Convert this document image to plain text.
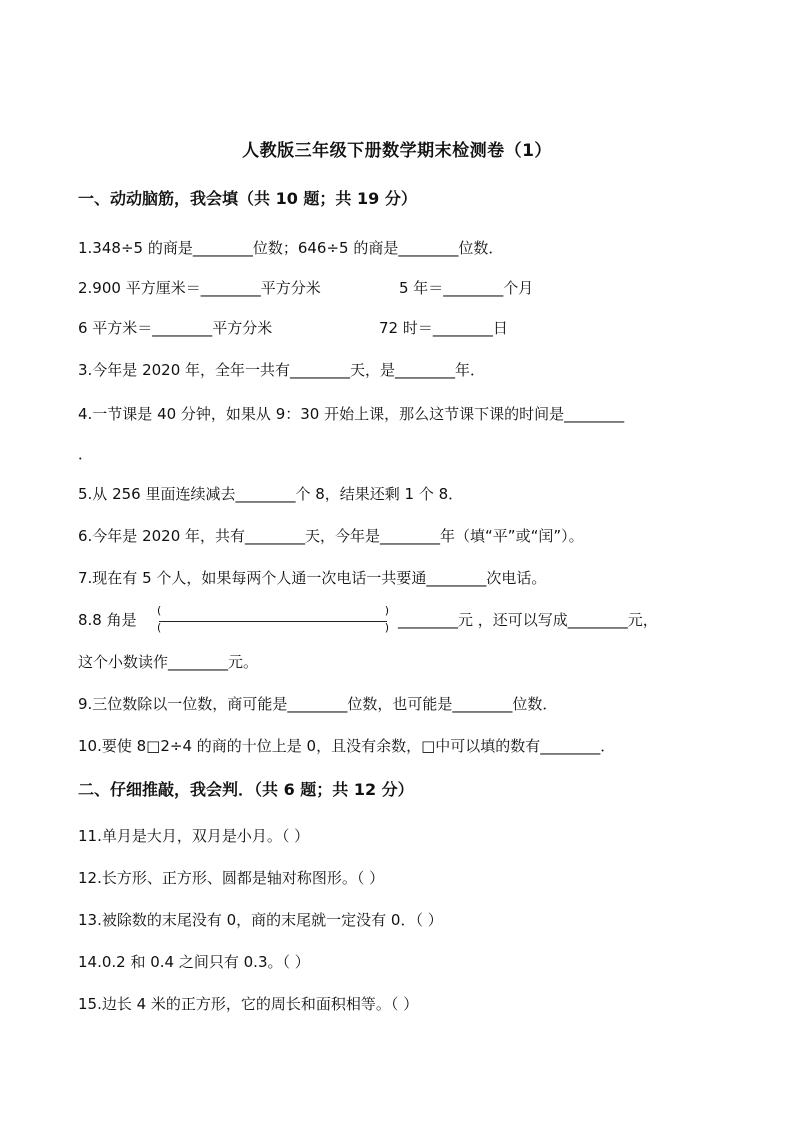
人教版三年级下册数学期末检测卷（1）
一、动动脑筋，我会填（共 10 题；共 19 分）
1.348÷5 的商是________位数；646÷5 的商是________位数．
2.900 平方厘米＝________平方分米	5 年＝________个月
6 平方米＝________平方分米	72 时＝________日
3.今年是 2020 年，全年一共有________天，是________年．
4.一节课是 40 分钟，如果从 9：30 开始上课，那么这节课下课的时间是________
．
5.从 256 里面连续减去________个 8，结果还剩 1 个 8．
6.今年是 2020 年，共有________天，今年是________年（填“平”或“闰”）。
7.现在有 5 个人，如果每两个人通一次电话一共要通________次电话。
8.8 角是
(	)
(	) ________元 ，还可以写成________元，
这个小数读作________元。
9.三位数除以一位数，商可能是________位数，也可能是________位数．
10.要使 8□2÷4 的商的十位上是 0，且没有余数，□中可以填的数有________．
二、仔细推敲，我会判．（共 6 题；共 12 分）
11.单月是大月，双月是小月。（ ）
12.长方形、正方形、圆都是轴对称图形。（ ）
13.被除数的末尾没有 0，商的末尾就一定没有 0．（ ）
14.0.2 和 0.4 之间只有 0.3。（ ）
15.边长 4 米的正方形，它的周长和面积相等。（ ）
